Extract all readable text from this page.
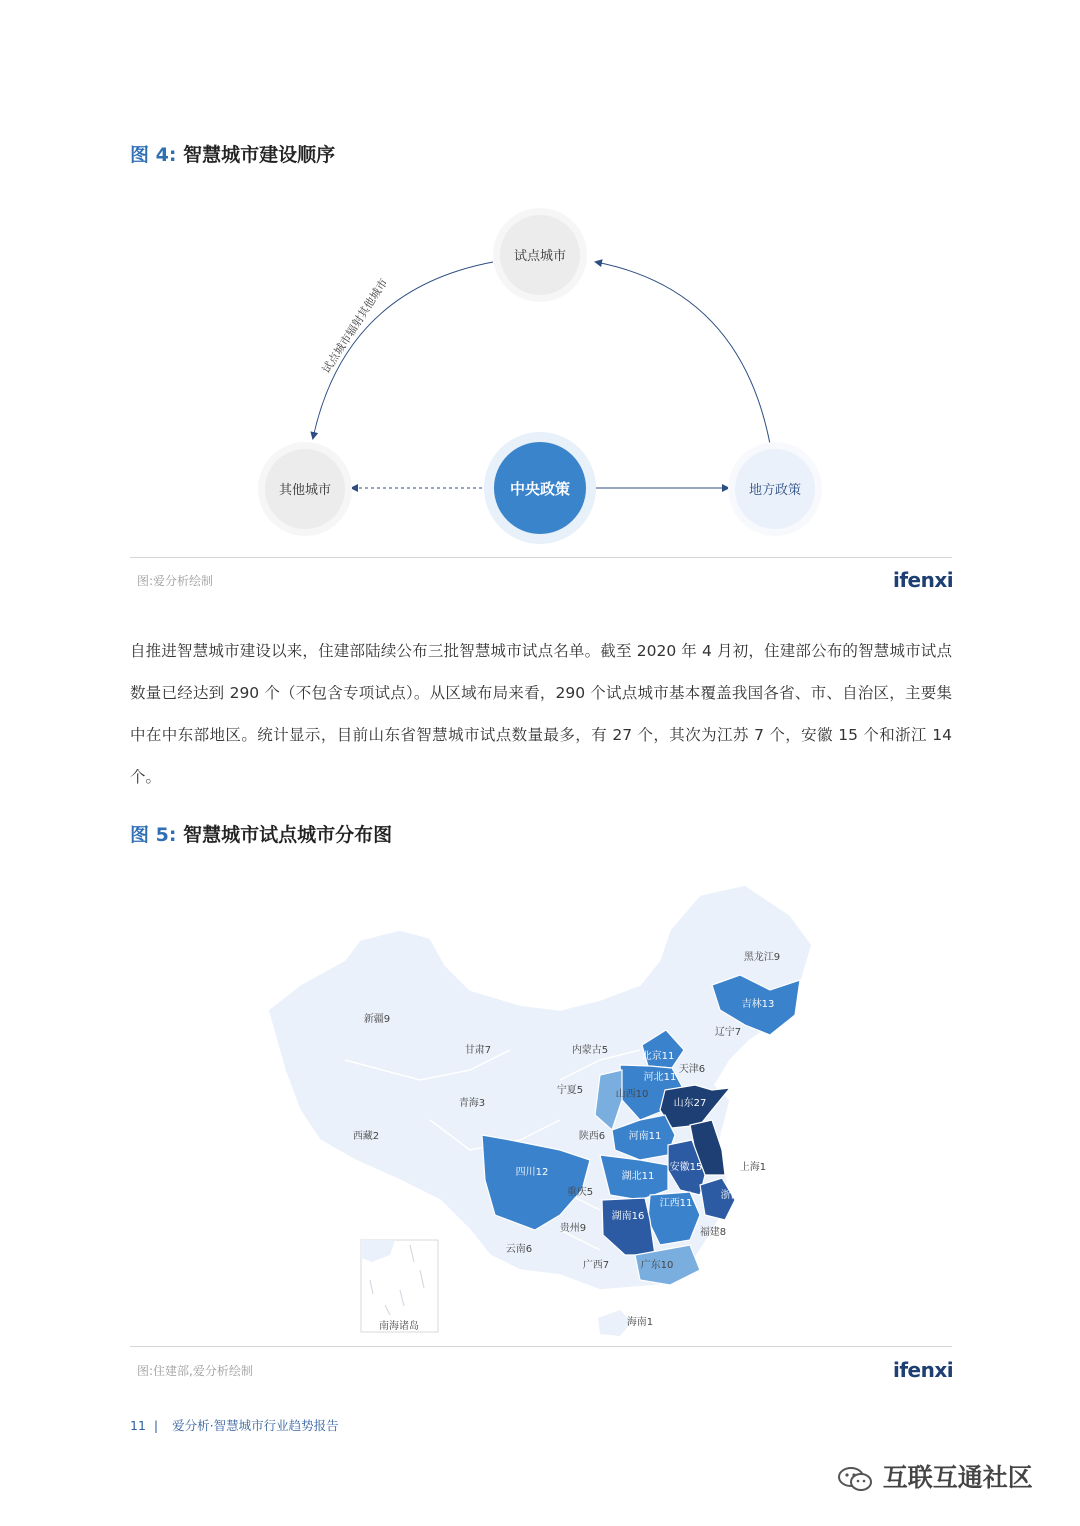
图 4: 智慧城市建设顺序
试点城市辐射其他城市
试点城市
其他城市	中央政策	地方政策
图:爱分析绘制	ifenxi
自推进智慧城市建设以来，住建部陆续公布三批智慧城市试点名单。截至 2020 年 4 月初，住建部公布的智慧城市试点数量已经达到 290 个（不包含专项试点）。从区域布局来看，290 个试点城市基本覆盖我国各省、市、自治区，主要集中在中东部地区。统计显示，目前山东省智慧城市试点数量最多，有 27 个，其次为江苏 7 个，安徽 15 个和浙江 14 个。
图 5: 智慧城市试点城市分布图
黑龙江9
吉林13
辽宁7
新疆9
甘肃7	内蒙古5
北京11
天津6
河北11
宁夏5	山西10
山东27
青海3
西藏2	陕西6 河南11	江苏20
安徽15	上海1
四川12	湖北11
重庆5	浙江14
江西11
湖南16
贵州9	福建8
云南6
广西7	广东10
海南1
南海诸岛
图:住建部,爱分析绘制	ifenxi
11 | 爱分析·智慧城市行业趋势报告
互联互通社区
